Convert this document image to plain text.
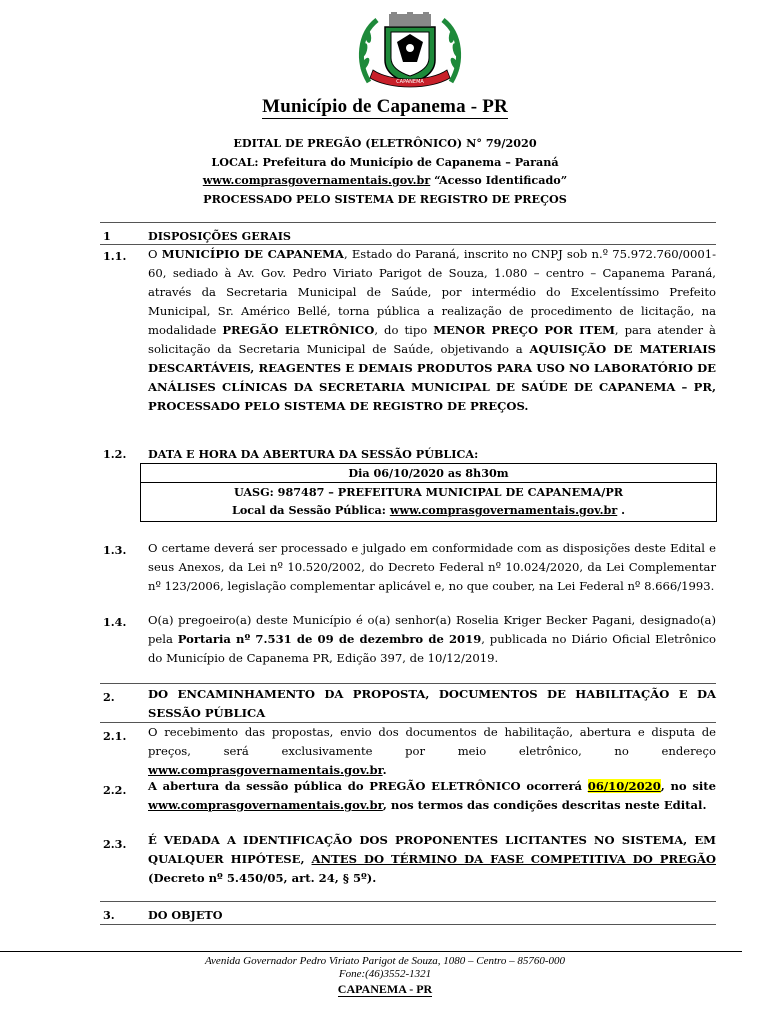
CAPANEMA
Município de Capanema - PR
EDITAL DE PREGÃO (ELETRÔNICO) N° 79/2020
LOCAL: Prefeitura do Município de Capanema – Paraná
www.comprasgovernamentais.gov.br “Acesso Identificado”
PROCESSADO PELO SISTEMA DE REGISTRO DE PREÇOS
1	DISPOSIÇÕES GERAIS
1.1. O MUNICÍPIO DE CAPANEMA, Estado do Paraná, inscrito no CNPJ sob n.º 75.972.760/0001-60, sediado à Av. Gov. Pedro Viriato Parigot de Souza, 1.080 – centro – Capanema Paraná, através da Secretaria Municipal de Saúde, por intermédio do Excelentíssimo Prefeito Municipal, Sr. Américo Bellé, torna pública a realização de procedimento de licitação, na modalidade PREGÃO ELETRÔNICO, do tipo MENOR PREÇO POR ITEM, para atender à solicitação da Secretaria Municipal de Saúde, objetivando a AQUISIÇÃO DE MATERIAIS DESCARTÁVEIS, REAGENTES E DEMAIS PRODUTOS PARA USO NO LABORATÓRIO DE ANÁLISES CLÍNICAS DA SECRETARIA MUNICIPAL DE SAÚDE DE CAPANEMA – PR, PROCESSADO PELO SISTEMA DE REGISTRO DE PREÇOS.
1.2. DATA E HORA DA ABERTURA DA SESSÃO PÚBLICA:
Dia 06/10/2020 as 8h30m
UASG: 987487 – PREFEITURA MUNICIPAL DE CAPANEMA/PR
Local da Sessão Pública: www.comprasgovernamentais.gov.br .
1.3. O certame deverá ser processado e julgado em conformidade com as disposições deste Edital e seus Anexos, da Lei nº 10.520/2002, do Decreto Federal nº 10.024/2020, da Lei Complementar nº 123/2006, legislação complementar aplicável e, no que couber, na Lei Federal nº 8.666/1993.
1.4. O(a) pregoeiro(a) deste Município é o(a) senhor(a) Roselia Kriger Becker Pagani, designado(a) pela Portaria nº 7.531 de 09 de dezembro de 2019, publicada no Diário Oficial Eletrônico do Município de Capanema PR, Edição 397, de 10/12/2019.
2.	DO ENCAMINHAMENTO DA PROPOSTA, DOCUMENTOS DE HABILITAÇÃO E DA SESSÃO PÚBLICA
2.1. O recebimento das propostas, envio dos documentos de habilitação, abertura e disputa de preços, será exclusivamente por meio eletrônico, no endereço
www.comprasgovernamentais.gov.br.
2.2. A abertura da sessão pública do PREGÃO ELETRÔNICO ocorrerá 06/10/2020, no site www.comprasgovernamentais.gov.br, nos termos das condições descritas neste Edital.
2.3. É VEDADA A IDENTIFICAÇÃO DOS PROPONENTES LICITANTES NO SISTEMA, EM QUALQUER HIPÓTESE, ANTES DO TÉRMINO DA FASE COMPETITIVA DO PREGÃO (Decreto nº 5.450/05, art. 24, § 5º).
3.	DO OBJETO
Avenida Governador Pedro Viriato Parigot de Souza, 1080 – Centro – 85760-000
Fone:(46)3552-1321
CAPANEMA - PR
